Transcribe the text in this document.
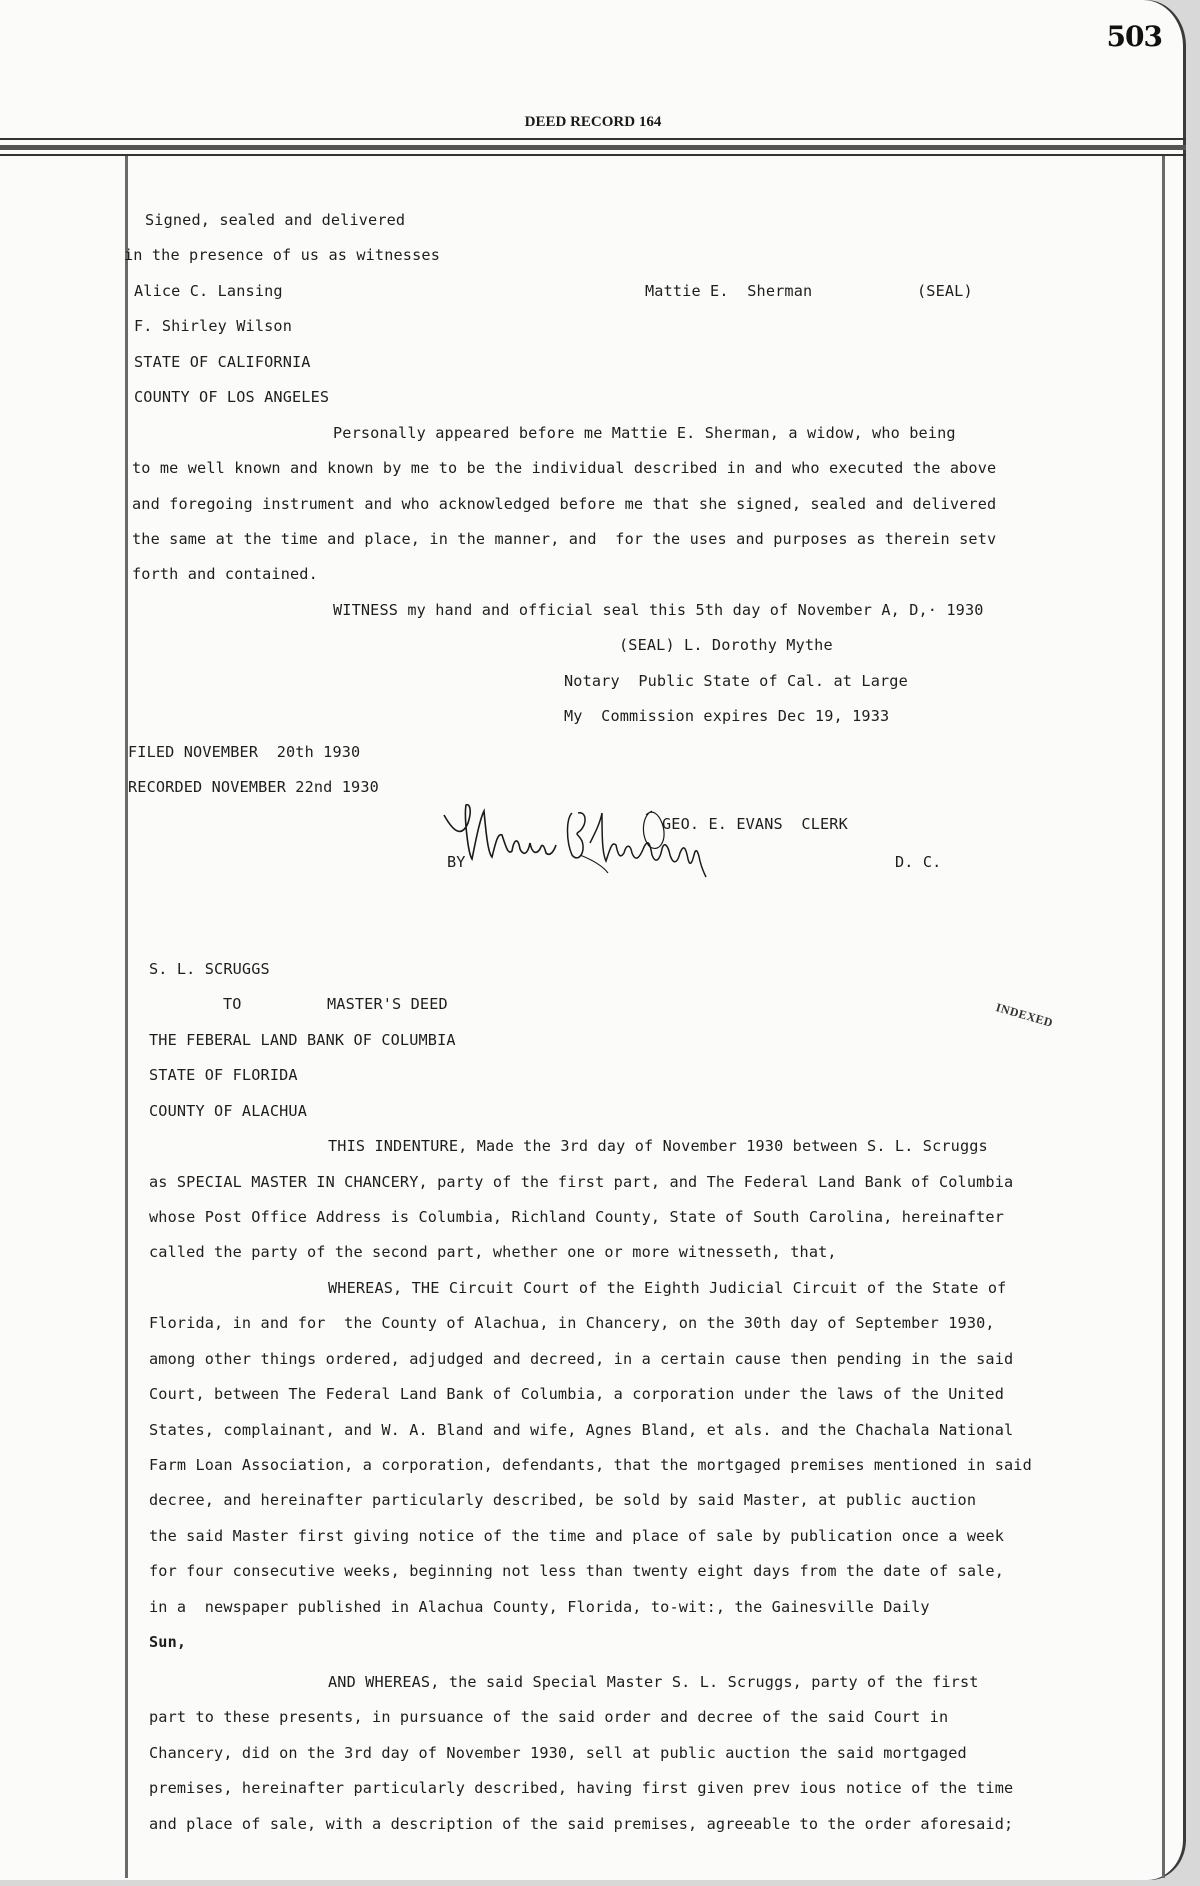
503
DEED RECORD 164
Signed, sealed and delivered
in the presence of us as witnesses
Alice C. Lansing	Mattie E.  Sherman	(SEAL)
F. Shirley Wilson
STATE OF CALIFORNIA
COUNTY OF LOS ANGELES
Personally appeared before me Mattie E. Sherman, a widow, who being
to me well known and known by me to be the individual described in and who executed the above
and foregoing instrument and who acknowledged before me that she signed, sealed and delivered
the same at the time and place, in the manner, and  for the uses and purposes as therein setv
forth and contained.
WITNESS my hand and official seal this 5th day of November A, D,· 1930
(SEAL) L. Dorothy Mythe
Notary  Public State of Cal. at Large
My  Commission expires Dec 19, 1933
FILED NOVEMBER  20th 1930
RECORDED NOVEMBER 22nd 1930
GEO. E. EVANS  CLERK
BY	D. C.
S. L. SCRUGGS
TO	MASTER'S DEED
THE FEBERAL LAND BANK OF COLUMBIA
STATE OF FLORIDA
COUNTY OF ALACHUA
INDEXED
THIS INDENTURE, Made the 3rd day of November 1930 between S. L. Scruggs
as SPECIAL MASTER IN CHANCERY, party of the first part, and The Federal Land Bank of Columbia
whose Post Office Address is Columbia, Richland County, State of South Carolina, hereinafter
called the party of the second part, whether one or more witnesseth, that,
WHEREAS, THE Circuit Court of the Eighth Judicial Circuit of the State of
Florida, in and for  the County of Alachua, in Chancery, on the 30th day of September 1930,
among other things ordered, adjudged and decreed, in a certain cause then pending in the said
Court, between The Federal Land Bank of Columbia, a corporation under the laws of the United
States, complainant, and W. A. Bland and wife, Agnes Bland, et als. and the Chachala National
Farm Loan Association, a corporation, defendants, that the mortgaged premises mentioned in said
decree, and hereinafter particularly described, be sold by said Master, at public auction
the said Master first giving notice of the time and place of sale by publication once a week
for four consecutive weeks, beginning not less than twenty eight days from the date of sale,
in a  newspaper published in Alachua County, Florida, to-wit:, the Gainesville Daily
Sun,
AND WHEREAS, the said Special Master S. L. Scruggs, party of the first
part to these presents, in pursuance of the said order and decree of the said Court in
Chancery, did on the 3rd day of November 1930, sell at public auction the said mortgaged
premises, hereinafter particularly described, having first given prev ious notice of the time
and place of sale, with a description of the said premises, agreeable to the order aforesaid;
